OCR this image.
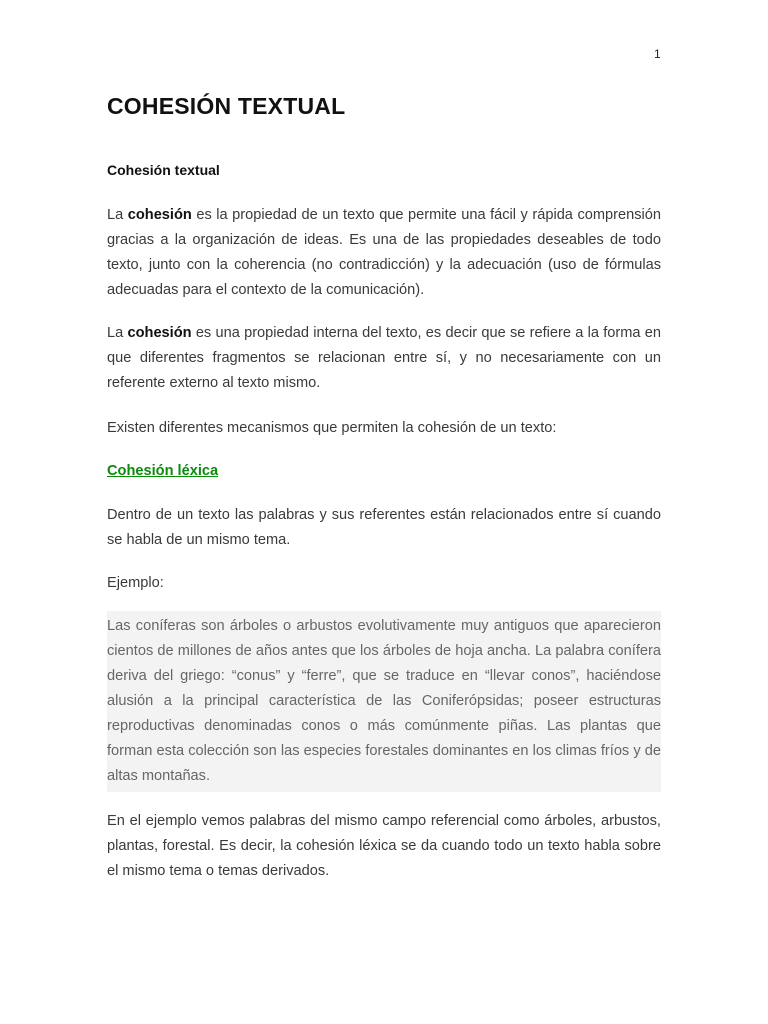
1
COHESIÓN TEXTUAL
Cohesión textual

La cohesión es la propiedad de un texto que permite una fácil y rápida comprensión gracias a la organización de ideas. Es una de las propiedades deseables de todo texto, junto con la coherencia (no contradicción) y la adecuación (uso de fórmulas adecuadas para el contexto de la comunicación).

La cohesión es una propiedad interna del texto, es decir que se refiere a la forma en que diferentes fragmentos se relacionan entre sí, y no necesariamente con un referente externo al texto mismo.

Existen diferentes mecanismos que permiten la cohesión de un texto:

Cohesión léxica

Dentro de un texto las palabras y sus referentes están relacionados entre sí cuando se habla de un mismo tema.

Ejemplo:

Las coníferas son árboles o arbustos evolutivamente muy antiguos que aparecieron cientos de millones de años antes que los árboles de hoja ancha. La palabra conífera deriva del griego: “conus” y “ferre”, que se traduce en “llevar conos”, haciéndose alusión a la principal característica de las Coniferópsidas; poseer estructuras reproductivas denominadas conos o más comúnmente piñas. Las plantas que forman esta colección son las especies forestales dominantes en los climas fríos y de altas montañas.

En el ejemplo vemos palabras del mismo campo referencial como árboles, arbustos, plantas, forestal. Es decir, la cohesión léxica se da cuando todo un texto habla sobre el mismo tema o temas derivados.
